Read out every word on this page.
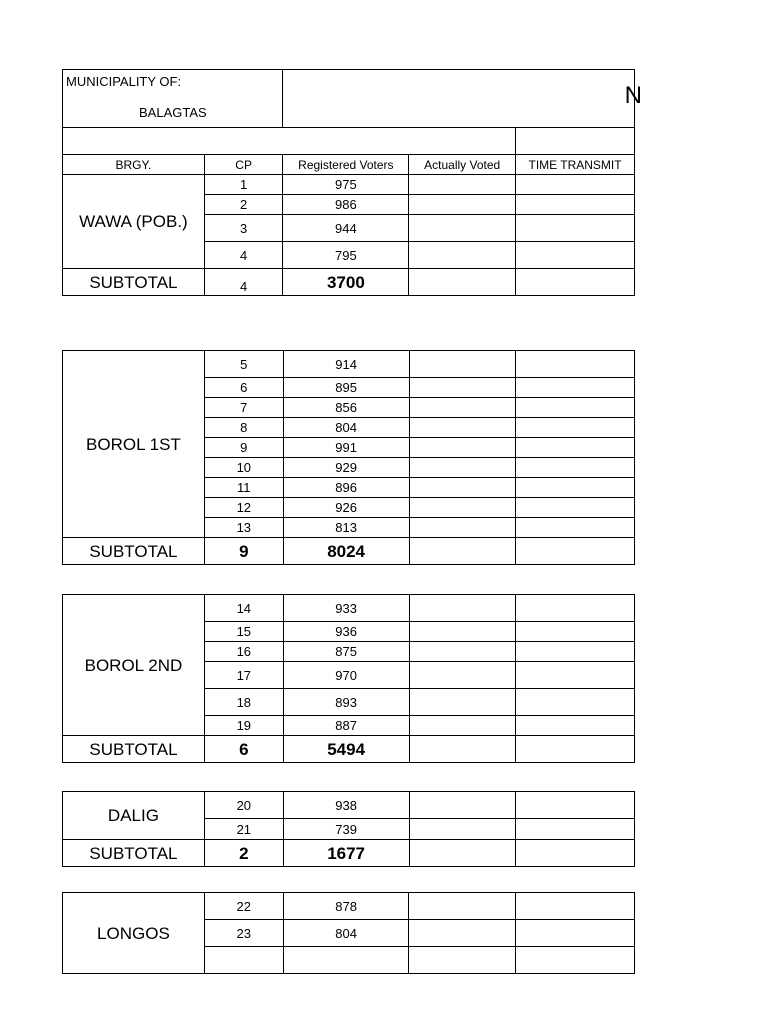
MUNICIPALITY OF:
BALAGTAS		N		

BRGY.	CP	Registered Voters	Actually Voted	TIME TRANSMIT
WAWA (POB.)	1	975		
	2	986		
	3	944		
	4	795		
SUBTOTAL	4	3700		
BOROL 1ST	5	914		
	6	895		
	7	856		
	8	804		
	9	991		
	10	929		
	11	896		
	12	926		
	13	813		
SUBTOTAL	9	8024		
BOROL 2ND	14	933		
	15	936		
	16	875		
	17	970		
	18	893		
	19	887		
SUBTOTAL	6	5494		
DALIG	20	938		
	21	739		
SUBTOTAL	2	1677		
LONGOS	22	878		
	23	804		
